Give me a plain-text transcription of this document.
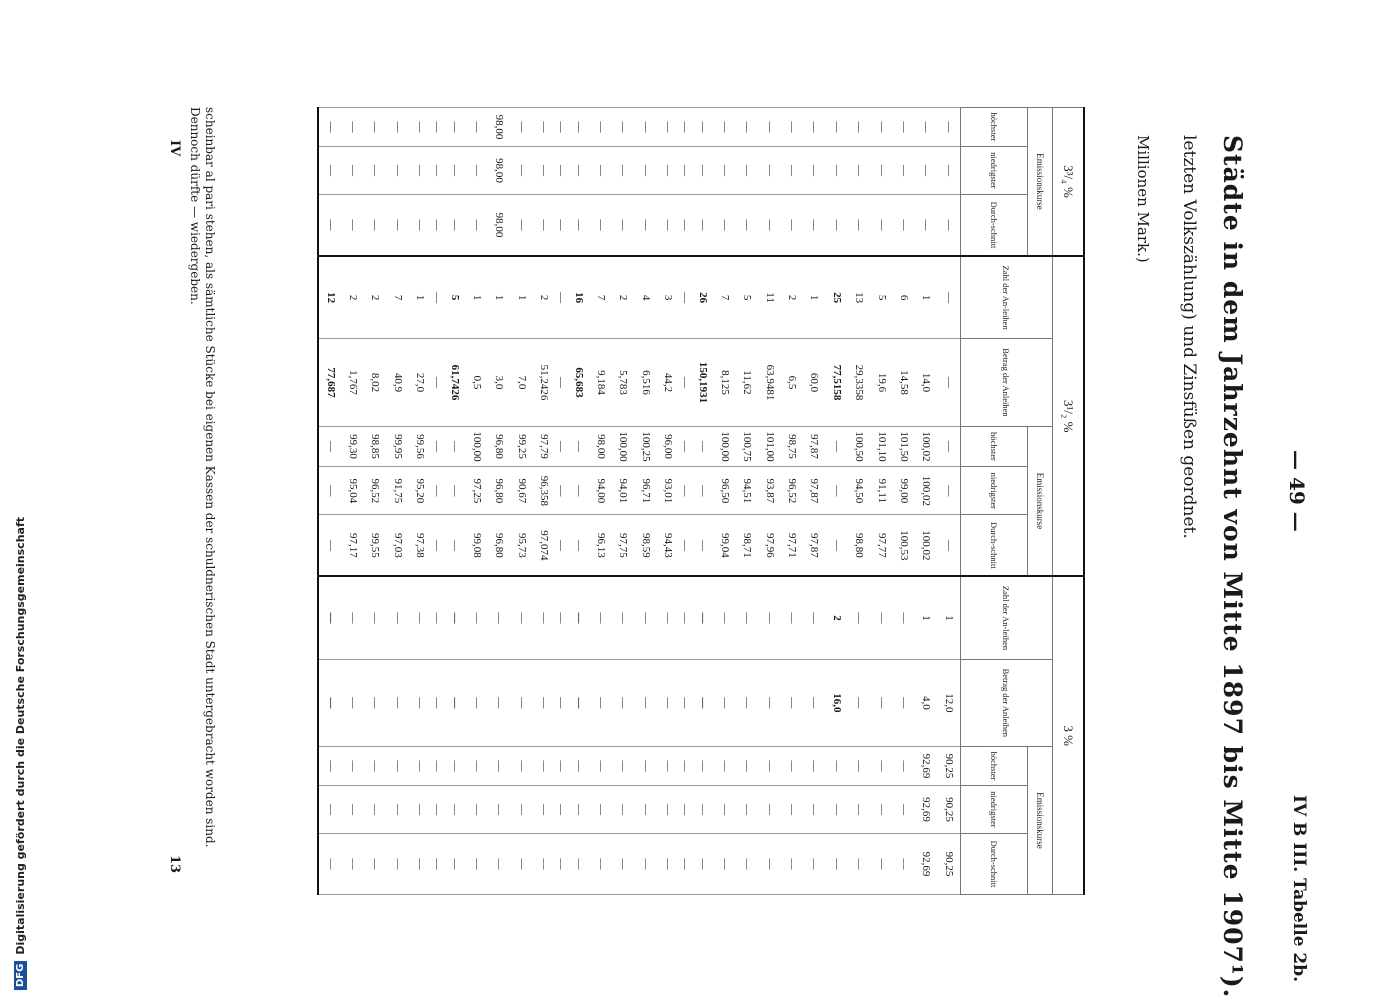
— 49 —
IV B III. Tabelle 2b.
Städte in dem Jahrzehnt von Mitte 1897 bis Mitte 1907¹).
letzten Volkszählung) und Zinsfüßen geordnet.
Millionen Mark.)
3³/₄ %			3¹/₂ %					3 %				
Emissionskurse			Zahl der An-leihen	Betrag der Anleihen	Emissionskurse			Zahl der An-leihen	Betrag der Anleihen	Emissionskurse		
höchster	niedrigster	Durch-schnitt			höchster	niedrigster	Durch-schnitt			höchster	niedrigster	Durch-schnitt
—	—	—	—	—	—	—	—	1	12,0	90,25	90,25	90,25
—	—	—	1	14,0	100,02	100,02	100,02	1	4,0	92,69	92,69	92,69
—	—	—	6	14,58	101,50	99,00	100,53	—	—	—	—	—
—	—	—	5	19,6	101,10	91,11	97,77	—	—	—	—	—
—	—	—	13	29,3358	100,50	94,50	98,80	—	—	—	—	—
—	—	—	25	77,5158	—	—	—	2	16,0	—	—	—
—	—	—	1	60,0	97,87	97,87	97,87	—	—	—	—	—
—	—	—	2	6,5	98,75	96,52	97,71	—	—	—	—	—
—	—	—	11	63,9481	101,00	93,87	97,96	—	—	—	—	—
—	—	—	5	11,62	100,75	94,51	98,71	—	—	—	—	—
—	—	—	7	8,125	100,00	96,50	99,04	—	—	—	—	—
—	—	—	26	150,1931	—	—	—	—	—	—	—	—
—	—	—	—	—	—	—	—	—	—	—	—	—
—	—	—	3	44,2	96,00	93,01	94,43	—	—	—	—	—
—	—	—	4	6,516	100,25	96,71	98,59	—	—	—	—	—
—	—	—	2	5,783	100,00	94,01	97,75	—	—	—	—	—
—	—	—	7	9,184	98,00	94,00	96,13	—	—	—	—	—
—	—	—	16	65,683	—	—	—	—	—	—	—	—
—	—	—	—	—	—	—	—	—	—	—	—	—
—	—	—	2	51,2426	97,79	96,358	97,074	—	—	—	—	—
—	—	—	1	7,0	99,25	90,67	95,73	—	—	—	—	—
98,00	98,00	98,00	1	3,0	96,80	96,80	96,80	—	—	—	—	—
—	—	—	1	0,5	100,00	97,25	99,08	—	—	—	—	—
—	—	—	5	61,7426	—	—	—	—	—	—	—	—
—	—	—	—	—	—	—	—	—	—	—	—	—
—	—	—	1	27,0	99,56	95,20	97,38	—	—	—	—	—
—	—	—	7	40,9	99,95	91,75	97,03	—	—	—	—	—
—	—	—	2	8,02	98,85	96,52	99,55	—	—	—	—	—
—	—	—	2	1,767	99,30	95,04	97,17	—	—	—	—	—
—	—	—	12	77,687	—	—	—	—	—	—	—	—
scheinbar al pari stehen, als sämtliche Stücke bei eigenen Kassen der schuldnerischen Stadt untergebracht worden sind. Dennoch dürfte — wiedergeben.
IV
13
DFG
Digitalisierung gefördert durch die Deutsche Forschungsgemeinschaft
